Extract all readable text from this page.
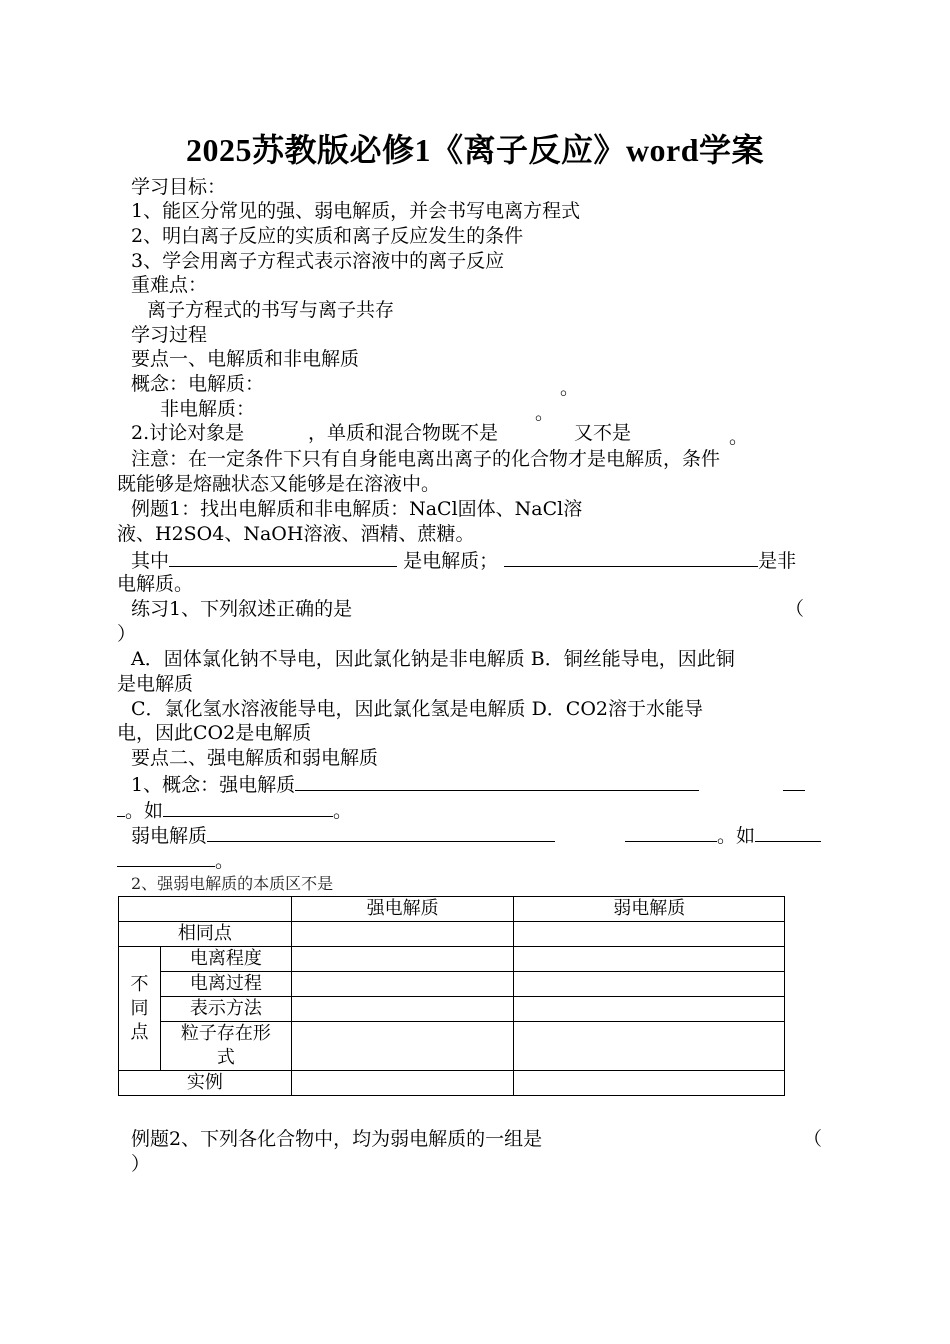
2025苏教版必修1《离子反应》word学案
学习目标：
1、能区分常见的强、弱电解质，并会书写电离方程式
2、明白离子反应的实质和离子反应发生的条件
3、学会用离子方程式表示溶液中的离子反应
重难点：
离子方程式的书写与离子共存
学习过程
要点一、电解质和非电解质
概念：电解质：	。
非电解质：	。
2.讨论对象是	，单质和混合物既不是	又不是	。
注意：在一定条件下只有自身能电离出离子的化合物才是电解质，条件
既能够是熔融状态又能够是在溶液中。
例题1：找出电解质和非电解质：NaCl固体、NaCl溶
液、H2SO4、NaOH溶液、酒精、蔗糖。
其中	是电解质；	是非
电解质。
练习1、下列叙述正确的是	（
）
A．固体氯化钠不导电，因此氯化钠是非电解质 B．铜丝能导电，因此铜
是电解质
C．氯化氢水溶液能导电，因此氯化氢是电解质 D．CO2溶于水能导
电，因此CO2是电解质
要点二、强电解质和弱电解质
1、概念：强电解质
。如	。
弱电解质	。如
。
2、强弱电解质的本质区不是
		强电解质	弱电解质
相同点			
不同点	电离程度		
	电离过程		
	表示方法		
	粒子存在形式		
实例			
例题2、下列各化合物中，均为弱电解质的一组是	（
）
